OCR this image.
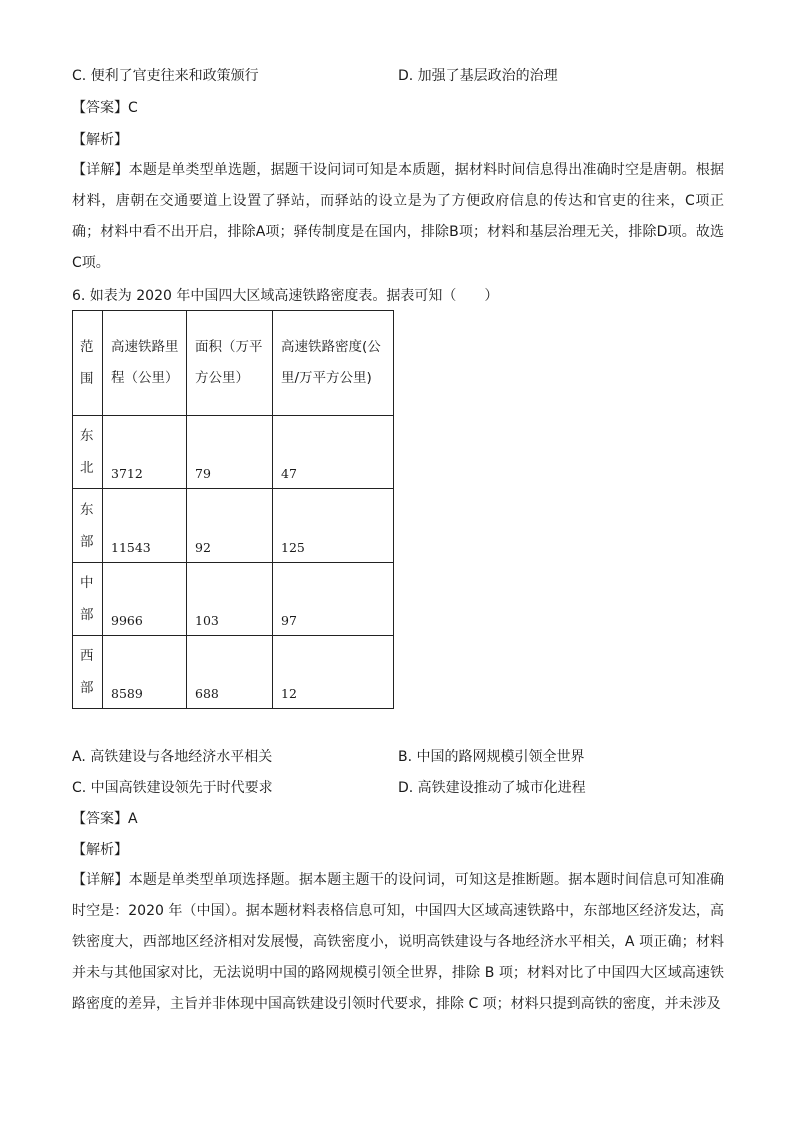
C. 便利了官吏往来和政策颁行	D. 加强了基层政治的治理
【答案】C
【解析】
【详解】本题是单类型单选题，据题干设问词可知是本质题，据材料时间信息得出准确时空是唐朝。根据材料，唐朝在交通要道上设置了驿站，而驿站的设立是为了方便政府信息的传达和官吏的往来，C项正确；材料中看不出开启，排除A项；驿传制度是在国内，排除B项；材料和基层治理无关，排除D项。故选C项。
6. 如表为 2020 年中国四大区域高速铁路密度表。据表可知（　　）
范围	高速铁路里程（公里）	面积（万平方公里）	高速铁路密度(公里/万平方公里)

东北	3712	79	47
东部	11543	92	125
中部	9966	103	97
西部	8589	688	12
A. 高铁建设与各地经济水平相关	B. 中国的路网规模引领全世界
C. 中国高铁建设领先于时代要求	D. 高铁建设推动了城市化进程
【答案】A
【解析】
【详解】本题是单类型单项选择题。据本题主题干的设问词，可知这是推断题。据本题时间信息可知准确时空是：2020 年（中国）。据本题材料表格信息可知，中国四大区域高速铁路中，东部地区经济发达，高铁密度大，西部地区经济相对发展慢，高铁密度小，说明高铁建设与各地经济水平相关，A 项正确；材料并未与其他国家对比，无法说明中国的路网规模引领全世界，排除 B 项；材料对比了中国四大区域高速铁路密度的差异，主旨并非体现中国高铁建设引领时代要求，排除 C 项；材料只提到高铁的密度，并未涉及
